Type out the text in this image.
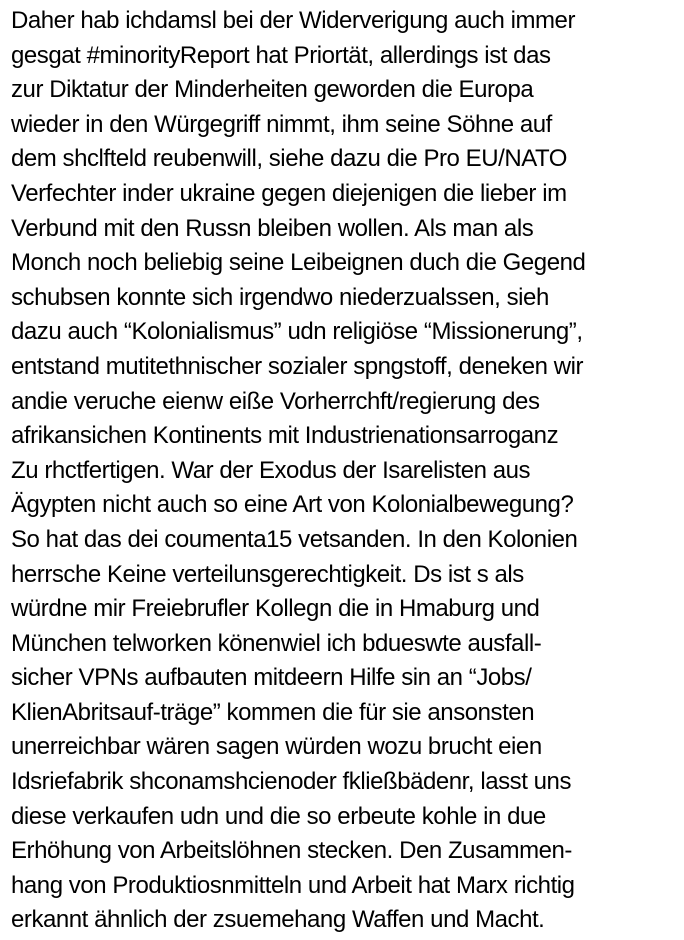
Daher hab ichdamsl bei der Widerverigung auch immer
gesgat #minorityReport hat Priortät, allerdings ist das
zur Diktatur der Minderheiten geworden die Europa
wieder in den Würgegriff nimmt, ihm seine Söhne auf
dem shclfteld reubenwill, siehe dazu die Pro EU/NATO
Verfechter inder ukraine gegen diejenigen die lieber im
Verbund mit den Russn bleiben wollen. Als man als
Monch noch beliebig seine Leibeignen duch die Gegend
schubsen konnte sich irgendwo niederzualssen, sieh
dazu auch “Kolonialismus” udn religiöse “Missionerung”,
entstand mutitethnischer sozialer spngstoff, deneken wir
andie veruche eienw eiße Vorherrchft/regierung des
afrikansichen Kontinents mit Industrienationsarroganz
Zu rhctfertigen. War der Exodus der Isarelisten aus
Ägypten nicht auch so eine Art von Kolonialbewegung?
So hat das dei coumenta15 vetsanden. In den Kolonien
herrsche Keine verteilunsgerechtigkeit. Ds ist s als
würdne mir Freiebrufler Kollegn die in Hmaburg und
München telworken könenwiel ich bdueswte ausfall-
sicher VPNs aufbauten mitdeern Hilfe sin an “Jobs/
KlienAbritsauf-träge” kommen die für sie ansonsten
unerreichbar wären sagen würden wozu brucht eien
Idsriefabrik shconamshcienoder fkließbädenr, lasst uns
diese verkaufen udn und die so erbeute kohle in due
Erhöhung von Arbeitslöhnen stecken. Den Zusammen-
hang von Produktiosnmitteln und Arbeit hat Marx richtig
erkannt ähnlich der zsuemehang Waffen und Macht.
